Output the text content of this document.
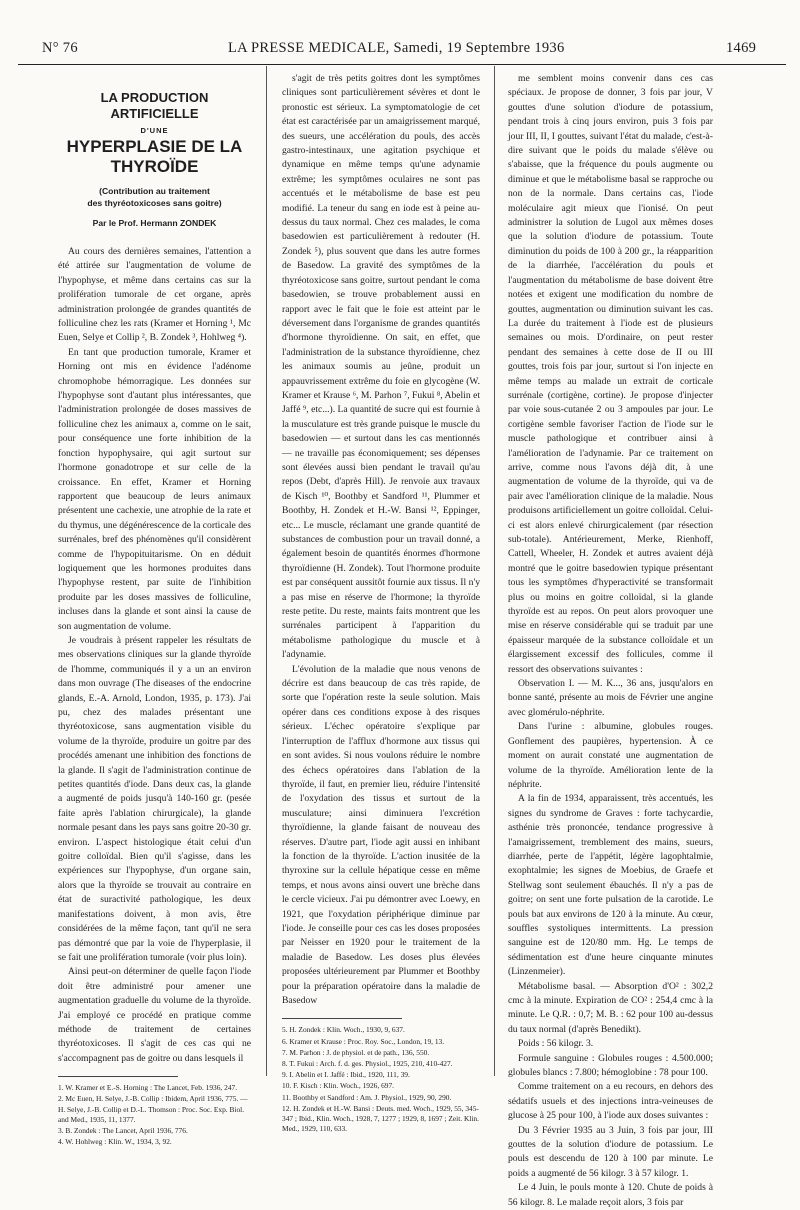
N° 76	LA PRESSE MEDICALE, Samedi, 19 Septembre 1936	1469
LA PRODUCTION ARTIFICIELLE
D'UNE
HYPERPLASIE DE LA THYROÏDE
(Contribution au traitement
des thyréotoxicoses sans goitre)
Par le Prof. Hermann ZONDEK

Au cours des dernières semaines, l'attention a été attirée sur l'augmentation de volume de l'hypophyse, et même dans certains cas sur la prolifération tumorale de cet organe, après administration prolongée de grandes quantités de folliculine chez les rats (Kramer et Horning ¹, Mc Euen, Selye et Collip ², B. Zondek ³, Hohlweg ⁴).

En tant que production tumorale, Kramer et Horning ont mis en évidence l'adénome chromophobe hémorragique. Les données sur l'hypophyse sont d'autant plus intéressantes, que l'administration prolongée de doses massives de folliculine chez les animaux a, comme on le sait, pour conséquence une forte inhibition de la fonction hypophysaire, qui agit surtout sur l'hormone gonadotrope et sur celle de la croissance. En effet, Kramer et Horning rapportent que beaucoup de leurs animaux présentent une cachexie, une atrophie de la rate et du thymus, une dégénérescence de la corticale des surrénales, bref des phénomènes qu'il considèrent comme de l'hypopituitarisme. On en déduit logiquement que les hormones produites dans l'hypophyse restent, par suite de l'inhibition produite par les doses massives de folliculine, incluses dans la glande et sont ainsi la cause de son augmentation de volume.

Je voudrais à présent rappeler les résultats de mes observations cliniques sur la glande thyroïde de l'homme, communiqués il y a un an environ dans mon ouvrage (The diseases of the endocrine glands, E.-A. Arnold, London, 1935, p. 173). J'ai pu, chez des malades présentant une thyréotoxicose, sans augmentation visible du volume de la thyroïde, produire un goitre par des procédés amenant une inhibition des fonctions de la glande. Il s'agit de l'administration continue de petites quantités d'iode. Dans deux cas, la glande a augmenté de poids jusqu'à 140-160 gr. (pesée faite après l'ablation chirurgicale), la glande normale pesant dans les pays sans goitre 20-30 gr. environ. L'aspect histologique était celui d'un goitre colloïdal. Bien qu'il s'agisse, dans les expériences sur l'hypophyse, d'un organe sain, alors que la thyroïde se trouvait au contraire en état de suractivité pathologique, les deux manifestations doivent, à mon avis, être considérées de la même façon, tant qu'il ne sera pas démontré que par la voie de l'hyperplasie, il se fait une prolifération tumorale (voir plus loin).

Ainsi peut-on déterminer de quelle façon l'iode doit être administré pour amener une augmentation graduelle du volume de la thyroïde. J'ai employé ce procédé en pratique comme méthode de traitement de certaines thyréotoxicoses. Il s'agit de ces cas qui ne s'accompagnent pas de goitre ou dans lesquels il

1. W. Kramer et E.-S. Horning : The Lancet, Feb. 1936, 247.

2. Mc Euen, H. Selye, J.-B. Collip : Ibidem, April 1936, 775. — H. Selye, J.-B. Collip et D.-L. Thomson : Proc. Soc. Exp. Biol. and Med., 1935, 11, 1377.

3. B. Zondek : The Lancet, April 1936, 776.

4. W. Hohlweg : Klin. W., 1934, 3, 92.

s'agit de très petits goitres dont les symptômes cliniques sont particulièrement sévères et dont le pronostic est sérieux. La symptomatologie de cet état est caractérisée par un amaigrissement marqué, des sueurs, une accélération du pouls, des accès gastro-intestinaux, une agitation psychique et dynamique en même temps qu'une adynamie extrême; les symptômes oculaires ne sont pas accentués et le métabolisme de base est peu modifié. La teneur du sang en iode est à peine au-dessus du taux normal. Chez ces malades, le coma basedowien est particulièrement à redouter (H. Zondek ⁵), plus souvent que dans les autre formes de Basedow. La gravité des symptômes de la thyréotoxicose sans goitre, surtout pendant le coma basedowien, se trouve probablement aussi en rapport avec le fait que le foie est atteint par le déversement dans l'organisme de grandes quantités d'hormone thyroïdienne. On sait, en effet, que l'administration de la substance thyroïdienne, chez les animaux soumis au jeûne, produit un appauvrissement extrême du foie en glycogène (W. Kramer et Krause ⁶, M. Parhon ⁷, Fukui ⁸, Abelin et Jaffé ⁹, etc...). La quantité de sucre qui est fournie à la musculature est très grande puisque le muscle du basedowien — et surtout dans les cas mentionnés — ne travaille pas économiquement; ses dépenses sont élevées aussi bien pendant le travail qu'au repos (Debt, d'après Hill). Je renvoie aux travaux de Kisch ¹⁰, Boothby et Sandford ¹¹, Plummer et Boothby, H. Zondek et H.-W. Bansi ¹², Eppinger, etc... Le muscle, réclamant une grande quantité de substances de combustion pour un travail donné, a également besoin de quantités énormes d'hormone thyroïdienne (H. Zondek). Tout l'hormone produite est par conséquent aussitôt fournie aux tissus. Il n'y a pas mise en réserve de l'hormone; la thyroïde reste petite. Du reste, maints faits montrent que les surrénales participent à l'apparition du métabolisme pathologique du muscle et à l'adynamie.

L'évolution de la maladie que nous venons de décrire est dans beaucoup de cas très rapide, de sorte que l'opération reste la seule solution. Mais opérer dans ces conditions expose à des risques sérieux. L'échec opératoire s'explique par l'interruption de l'afflux d'hormone aux tissus qui en sont avides. Si nous voulons réduire le nombre des échecs opératoires dans l'ablation de la thyroïde, il faut, en premier lieu, réduire l'intensité de l'oxydation des tissus et surtout de la musculature; ainsi diminuera l'excrétion thyroïdienne, la glande faisant de nouveau des réserves. D'autre part, l'iode agit aussi en inhibant la fonction de la thyroïde. L'action inusitée de la thyroxine sur la cellule hépatique cesse en même temps, et nous avons ainsi ouvert une brèche dans le cercle vicieux. J'ai pu démontrer avec Loewy, en 1921, que l'oxydation périphérique diminue par l'iode. Je conseille pour ces cas les doses proposées par Neisser en 1920 pour le traitement de la maladie de Basedow. Les doses plus élevées proposées ultérieurement par Plummer et Boothby pour la préparation opératoire dans la maladie de Basedow

5. H. Zondek : Klin. Woch., 1930, 9, 637.

6. Kramer et Krause : Proc. Roy. Soc., London, 19, 13.

7. M. Parhon : J. de physiol. et de path., 136, 550.

8. T. Fukui : Arch. f. d. ges. Physiol., 1925, 210, 410-427.

9. I. Abelin et I. Jaffé : Ibid., 1920, 111, 39.

10. F. Kisch : Klin. Woch., 1926, 697.

11. Boothby et Sandford : Am. J. Physiol., 1929, 90, 290.

12. H. Zondek et H.-W. Bansi : Deuts. med. Woch., 1929, 55, 345-347 ; Ibid., Klin. Woch., 1928, 7, 1277 ; 1929, 8, 1697 ; Zeit. Klin. Med., 1929, 110, 633.

me semblent moins convenir dans ces cas spéciaux. Je propose de donner, 3 fois par jour, V gouttes d'une solution d'iodure de potassium, pendant trois à cinq jours environ, puis 3 fois par jour III, II, I gouttes, suivant l'état du malade, c'est-à-dire suivant que le poids du malade s'élève ou s'abaisse, que la fréquence du pouls augmente ou diminue et que le métabolisme basal se rapproche ou non de la normale. Dans certains cas, l'iode moléculaire agit mieux que l'ionisé. On peut administrer la solution de Lugol aux mêmes doses que la solution d'iodure de potassium. Toute diminution du poids de 100 à 200 gr., la réapparition de la diarrhée, l'accélération du pouls et l'augmentation du métabolisme de base doivent être notées et exigent une modification du nombre de gouttes, augmentation ou diminution suivant les cas. La durée du traitement à l'iode est de plusieurs semaines ou mois. D'ordinaire, on peut rester pendant des semaines à cette dose de II ou III gouttes, trois fois par jour, surtout si l'on injecte en même temps au malade un extrait de corticale surrénale (cortigène, cortine). Je propose d'injecter par voie sous-cutanée 2 ou 3 ampoules par jour. Le cortigène semble favoriser l'action de l'iode sur le muscle pathologique et contribuer ainsi à l'amélioration de l'adynamie. Par ce traitement on arrive, comme nous l'avons déjà dit, à une augmentation de volume de la thyroïde, qui va de pair avec l'amélioration clinique de la maladie. Nous produisons artificiellement un goitre colloïdal. Celui-ci est alors enlevé chirurgicalement (par résection sub-totale). Antérieurement, Merke, Rienhoff, Cattell, Wheeler, H. Zondek et autres avaient déjà montré que le goitre basedowien typique présentant tous les symptômes d'hyperactivité se transformait plus ou moins en goitre colloïdal, si la glande thyroïde est au repos. On peut alors provoquer une mise en réserve considérable qui se traduit par une épaisseur marquée de la substance colloïdale et un élargissement excessif des follicules, comme il ressort des observations suivantes :

Observation I. — M. K..., 36 ans, jusqu'alors en bonne santé, présente au mois de Février une angine avec glomérulo-néphrite.

Dans l'urine : albumine, globules rouges. Gonflement des paupières, hypertension. À ce moment on aurait constaté une augmentation de volume de la thyroïde. Amélioration lente de la néphrite.

A la fin de 1934, apparaissent, très accentués, les signes du syndrome de Graves : forte tachycardie, asthénie très prononcée, tendance progressive à l'amaigrissement, tremblement des mains, sueurs, diarrhée, perte de l'appétit, légère lagophtalmie, exophtalmie; les signes de Moebius, de Graefe et Stellwag sont seulement ébauchés. Il n'y a pas de goitre; on sent une forte pulsation de la carotide. Le pouls bat aux environs de 120 à la minute. Au cœur, souffles systoliques intermittents. La pression sanguine est de 120/80 mm. Hg. Le temps de sédimentation est d'une heure cinquante minutes (Linzenmeier).

Métabolisme basal. — Absorption d'O² : 302,2 cmc à la minute. Expiration de CO² : 254,4 cmc à la minute. Le Q.R. : 0,7; M. B. : 62 pour 100 au-dessus du taux normal (d'après Benedikt).

Poids : 56 kilogr. 3.

Formule sanguine : Globules rouges : 4.500.000; globules blancs : 7.800; hémoglobine : 78 pour 100.

Comme traitement on a eu recours, en dehors des sédatifs usuels et des injections intra-veineuses de glucose à 25 pour 100, à l'iode aux doses suivantes :

Du 3 Février 1935 au 3 Juin, 3 fois par jour, III gouttes de la solution d'iodure de potassium. Le pouls est descendu de 120 à 100 par minute. Le poids a augmenté de 56 kilogr. 3 à 57 kilogr. 1.

Le 4 Juin, le pouls monte à 120. Chute de poids à 56 kilogr. 8. Le malade reçoit alors, 3 fois par
